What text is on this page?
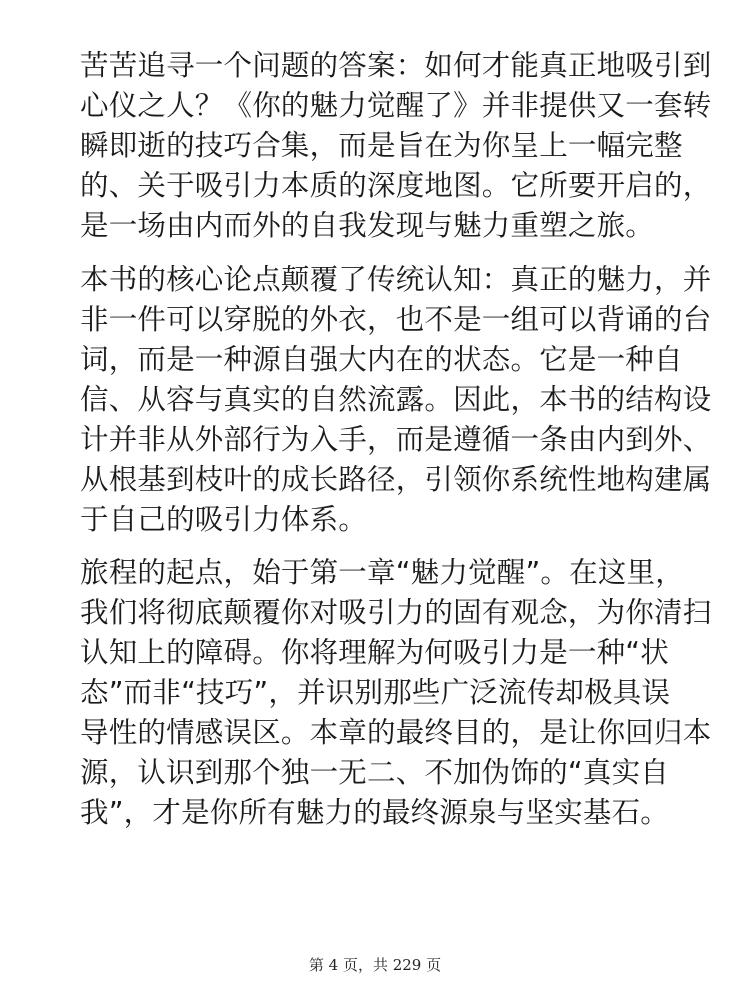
苦苦追寻一个问题的答案：如何才能真正地吸引到
心仪之人？《你的魅力觉醒了》并非提供又一套转
瞬即逝的技巧合集，而是旨在为你呈上一幅完整
的、关于吸引力本质的深度地图。它所要开启的，
是一场由内而外的自我发现与魅力重塑之旅。
本书的核心论点颠覆了传统认知：真正的魅力，并
非一件可以穿脱的外衣，也不是一组可以背诵的台
词，而是一种源自强大内在的状态。它是一种自
信、从容与真实的自然流露。因此，本书的结构设
计并非从外部行为入手，而是遵循一条由内到外、
从根基到枝叶的成长路径，引领你系统性地构建属
于自己的吸引力体系。
旅程的起点，始于第一章“魅力觉醒”。在这里，
我们将彻底颠覆你对吸引力的固有观念，为你清扫
认知上的障碍。你将理解为何吸引力是一种“状
态”而非“技巧”，并识别那些广泛流传却极具误
导性的情感误区。本章的最终目的，是让你回归本
源，认识到那个独一无二、不加伪饰的“真实自
我”，才是你所有魅力的最终源泉与坚实基石。
第 4 页，共 229 页
